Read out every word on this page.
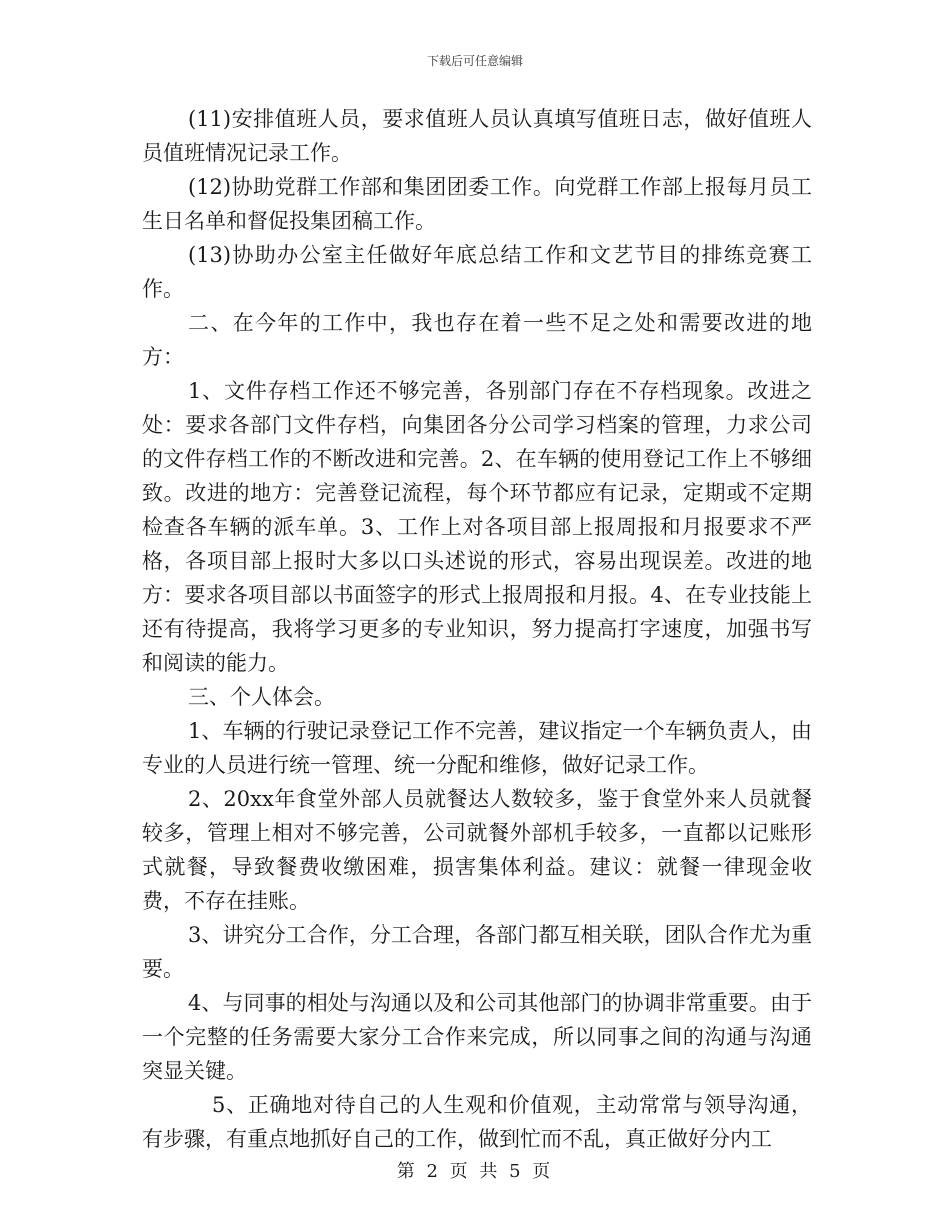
下载后可任意编辑

(11)安排值班人员，要求值班人员认真填写值班日志，做好值班人员值班情况记录工作。

(12)协助党群工作部和集团团委工作。向党群工作部上报每月员工生日名单和督促投集团稿工作。

(13)协助办公室主任做好年底总结工作和文艺节目的排练竞赛工作。

二、在今年的工作中，我也存在着一些不足之处和需要改进的地方：

1、文件存档工作还不够完善，各别部门存在不存档现象。改进之处：要求各部门文件存档，向集团各分公司学习档案的管理，力求公司的文件存档工作的不断改进和完善。2、在车辆的使用登记工作上不够细致。改进的地方：完善登记流程，每个环节都应有记录，定期或不定期检查各车辆的派车单。3、工作上对各项目部上报周报和月报要求不严格，各项目部上报时大多以口头述说的形式，容易出现误差。改进的地方：要求各项目部以书面签字的形式上报周报和月报。4、在专业技能上还有待提高，我将学习更多的专业知识，努力提高打字速度，加强书写和阅读的能力。

三、个人体会。

1、车辆的行驶记录登记工作不完善，建议指定一个车辆负责人，由专业的人员进行统一管理、统一分配和维修，做好记录工作。

2、20xx年食堂外部人员就餐达人数较多，鉴于食堂外来人员就餐较多，管理上相对不够完善，公司就餐外部机手较多，一直都以记账形式就餐，导致餐费收缴困难，损害集体利益。建议：就餐一律现金收费，不存在挂账。

3、讲究分工合作，分工合理，各部门都互相关联，团队合作尤为重要。

4、与同事的相处与沟通以及和公司其他部门的协调非常重要。由于一个完整的任务需要大家分工合作来完成，所以同事之间的沟通与沟通突显关键。

5、正确地对待自己的人生观和价值观，主动常常与领导沟通，有步骤，有重点地抓好自己的工作，做到忙而不乱，真正做好分内工

第 2 页 共 5 页
